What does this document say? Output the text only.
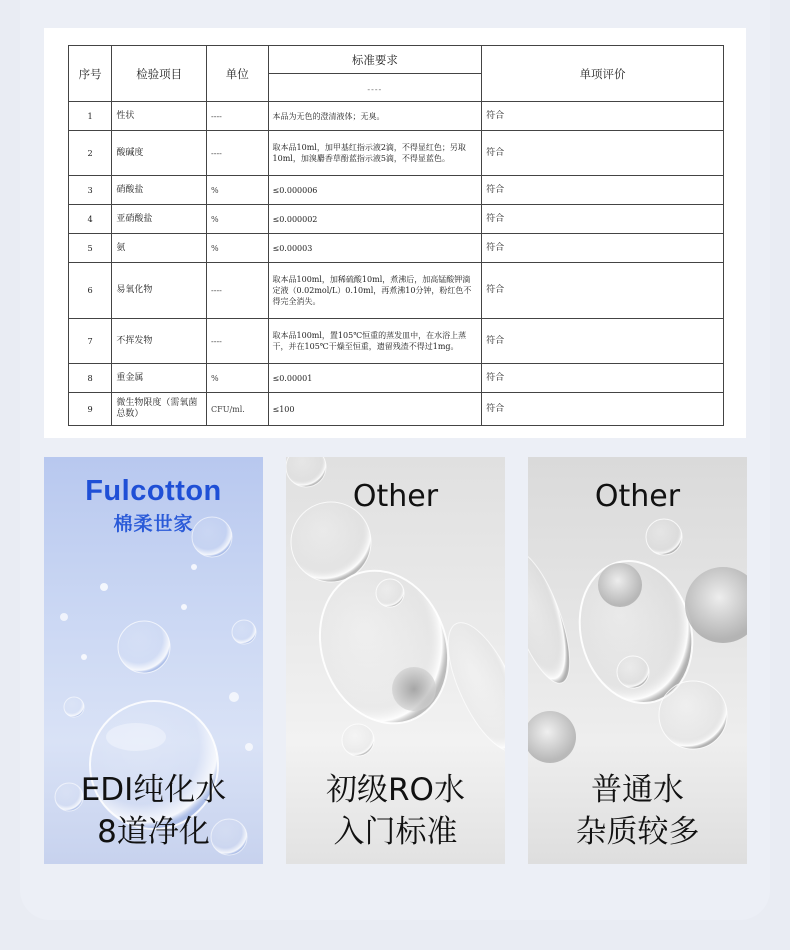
序号	检验项目	单位	标准要求	单项评价
			----	
1	性状	----	本品为无色的澄清液体；无臭。	符合
2	酸碱度	----	取本品10ml，加甲基红指示液2滴，不得显红色；另取10ml，加溴麝香草酚蓝指示液5滴，不得显蓝色。	符合
3	硝酸盐	%	≤0.000006	符合
4	亚硝酸盐	%	≤0.000002	符合
5	氨	%	≤0.00003	符合
6	易氧化物	----	取本品100ml，加稀硫酸10ml，煮沸后，加高锰酸钾滴定液（0.02mol/L）0.10ml，再煮沸10分钟，粉红色不得完全消失。	符合
7	不挥发物	----	取本品100ml，置105℃恒重的蒸发皿中，在水浴上蒸干，并在105℃干燥至恒重，遗留残渣不得过1mg。	符合
8	重金属	%	≤0.00001	符合
9	微生物限度（需氧菌总数）	CFU/ml.	≤100	符合
Fulcotton
棉柔世家
EDI纯化水
8道净化
Other
初级RO水
入门标准
Other
普通水
杂质较多
